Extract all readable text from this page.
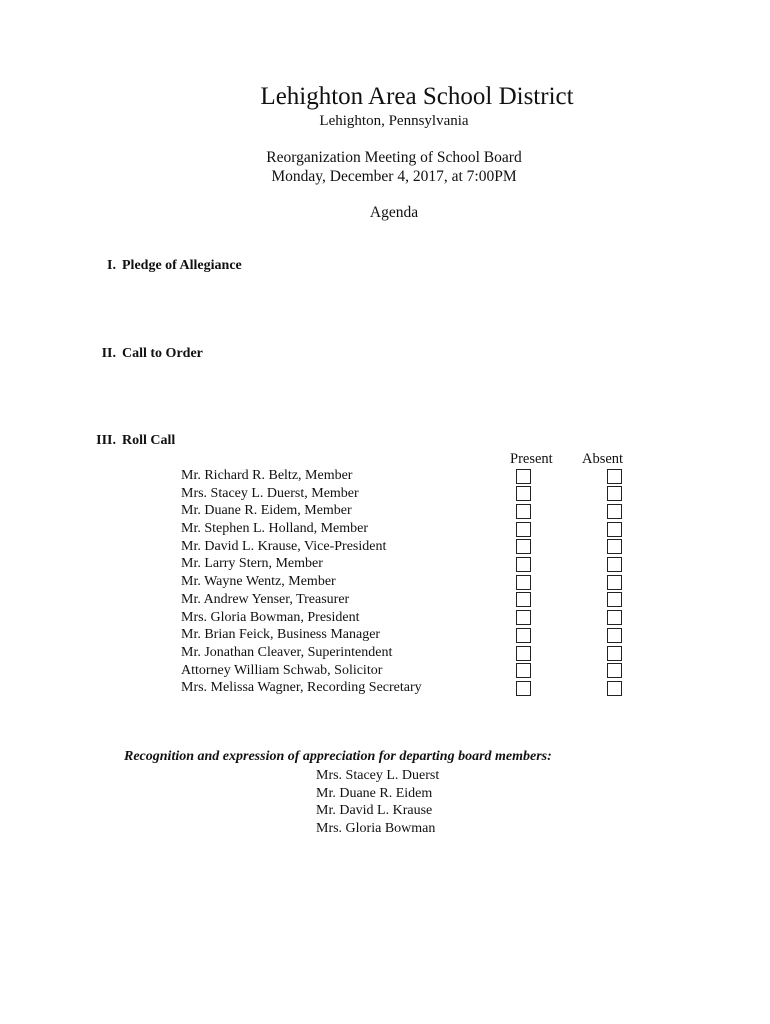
Lehighton Area School District
Lehighton, Pennsylvania
Reorganization Meeting of School Board
Monday, December 4, 2017, at 7:00PM
Agenda
I. Pledge of Allegiance
II. Call to Order
III. Roll Call
Present Absent
Mr. Richard R. Beltz, Member
Mrs. Stacey L. Duerst, Member
Mr. Duane R. Eidem, Member
Mr. Stephen L. Holland, Member
Mr. David L. Krause, Vice-President
Mr. Larry Stern, Member
Mr. Wayne Wentz, Member
Mr. Andrew Yenser, Treasurer
Mrs. Gloria Bowman, President
Mr. Brian Feick, Business Manager
Mr. Jonathan Cleaver, Superintendent
Attorney William Schwab, Solicitor
Mrs. Melissa Wagner, Recording Secretary
Recognition and expression of appreciation for departing board members:
Mrs. Stacey L. Duerst
Mr. Duane R. Eidem
Mr. David L. Krause
Mrs. Gloria Bowman
